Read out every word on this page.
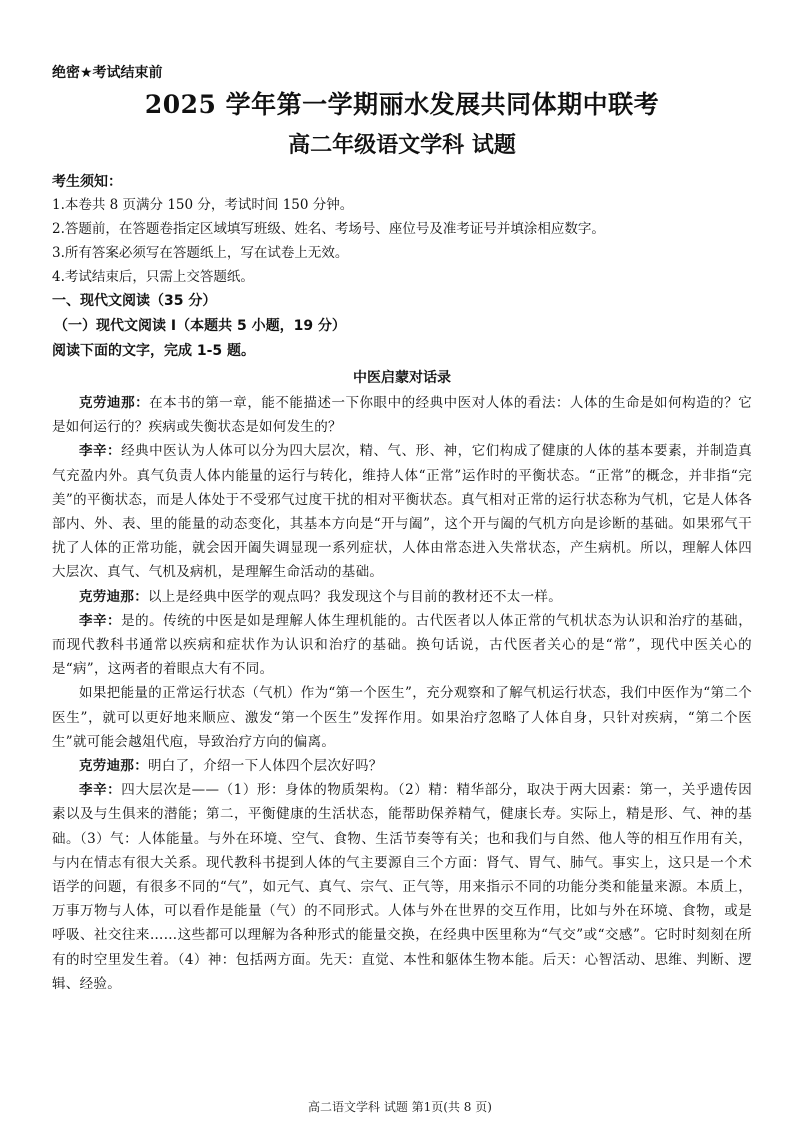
绝密★考试结束前
2025 学年第一学期丽水发展共同体期中联考
高二年级语文学科 试题
考生须知：
1.本卷共 8 页满分 150 分，考试时间 150 分钟。
2.答题前，在答题卷指定区域填写班级、姓名、考场号、座位号及准考证号并填涂相应数字。
3.所有答案必须写在答题纸上，写在试卷上无效。
4.考试结束后，只需上交答题纸。
一、现代文阅读（35 分）
（一）现代文阅读 I（本题共 5 小题，19 分）
阅读下面的文字，完成 1-5 题。
中医启蒙对话录

克劳迪那：在本书的第一章，能不能描述一下你眼中的经典中医对人体的看法：人体的生命是如何构造的？它是如何运行的？疾病或失衡状态是如何发生的？

李辛：经典中医认为人体可以分为四大层次，精、气、形、神，它们构成了健康的人体的基本要素，并制造真气充盈内外。真气负责人体内能量的运行与转化，维持人体“正常”运作时的平衡状态。“正常”的概念，并非指“完美”的平衡状态，而是人体处于不受邪气过度干扰的相对平衡状态。真气相对正常的运行状态称为气机，它是人体各部内、外、表、里的能量的动态变化，其基本方向是“开与阖”，这个开与阖的气机方向是诊断的基础。如果邪气干扰了人体的正常功能，就会因开阖失调显现一系列症状，人体由常态进入失常状态，产生病机。所以，理解人体四大层次、真气、气机及病机，是理解生命活动的基础。

克劳迪那：以上是经典中医学的观点吗？我发现这个与目前的教材还不太一样。

李辛：是的。传统的中医是如是理解人体生理机能的。古代医者以人体正常的气机状态为认识和治疗的基础，而现代教科书通常以疾病和症状作为认识和治疗的基础。换句话说，古代医者关心的是“常”，现代中医关心的是“病”，这两者的着眼点大有不同。

如果把能量的正常运行状态（气机）作为“第一个医生”，充分观察和了解气机运行状态，我们中医作为“第二个医生”，就可以更好地来顺应、激发“第一个医生”发挥作用。如果治疗忽略了人体自身，只针对疾病，“第二个医生”就可能会越俎代庖，导致治疗方向的偏离。

克劳迪那：明白了，介绍一下人体四个层次好吗？

李辛：四大层次是——（1）形：身体的物质架构。（2）精：精华部分，取决于两大因素：第一，关乎遗传因素以及与生俱来的潜能；第二，平衡健康的生活状态，能帮助保养精气，健康长寿。实际上，精是形、气、神的基础。（3）气：人体能量。与外在环境、空气、食物、生活节奏等有关；也和我们与自然、他人等的相互作用有关，与内在情志有很大关系。现代教科书提到人体的气主要源自三个方面：肾气、胃气、肺气。事实上，这只是一个术语学的问题，有很多不同的“气”，如元气、真气、宗气、正气等，用来指示不同的功能分类和能量来源。本质上，万事万物与人体，可以看作是能量（气）的不同形式。人体与外在世界的交互作用，比如与外在环境、食物，或是呼吸、社交往来……这些都可以理解为各种形式的能量交换，在经典中医里称为“气交”或“交感”。它时时刻刻在所有的时空里发生着。（4）神：包括两方面。先天：直觉、本性和躯体生物本能。后天：心智活动、思维、判断、逻辑、经验。

高二语文学科 试题 第1页(共 8 页)
